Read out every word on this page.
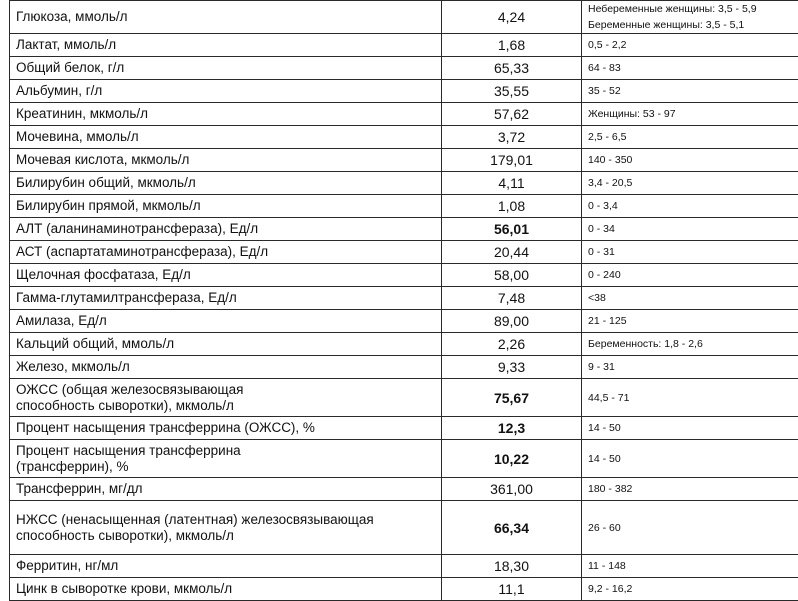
Глюкоза, ммоль/л	4,24	Небеременные женщины: 3,5 - 5,9
Беременные женщины: 3,5 - 5,1

Лактат, ммоль/л	1,68	0,5 - 2,2

Общий белок, г/л	65,33	64 - 83

Альбумин, г/л	35,55	35 - 52

Креатинин, мкмоль/л	57,62	Женщины: 53 - 97

Мочевина, ммоль/л	3,72	2,5 - 6,5

Мочевая кислота, мкмоль/л	179,01	140 - 350

Билирубин общий, мкмоль/л	4,11	3,4 - 20,5

Билирубин прямой, мкмоль/л	1,08	0 - 3,4

АЛТ (аланинаминотрансфераза), Ед/л	56,01	0 - 34

АСТ (аспартатаминотрансфераза), Ед/л	20,44	0 - 31

Щелочная фосфатаза, Ед/л	58,00	0 - 240

Гамма-глутамилтрансфераза, Ед/л	7,48	<38

Амилаза, Ед/л	89,00	21 - 125

Кальций общий, ммоль/л	2,26	Беременность: 1,8 - 2,6

Железо, мкмоль/л	9,33	9 - 31

ОЖСС (общая железосвязывающая способность сыворотки), мкмоль/л	75,67	44,5 - 71

Процент насыщения трансферрина (ОЖСС), %	12,3	14 - 50

Процент насыщения трансферрина (трансферрин), %	10,22	14 - 50

Трансферрин, мг/дл	361,00	180 - 382

НЖСС (ненасыщенная (латентная) железосвязывающая способность сыворотки), мкмоль/л	66,34	26 - 60

Ферритин, нг/мл	18,30	11 - 148

Цинк в сыворотке крови, мкмоль/л	11,1	9,2 - 16,2
